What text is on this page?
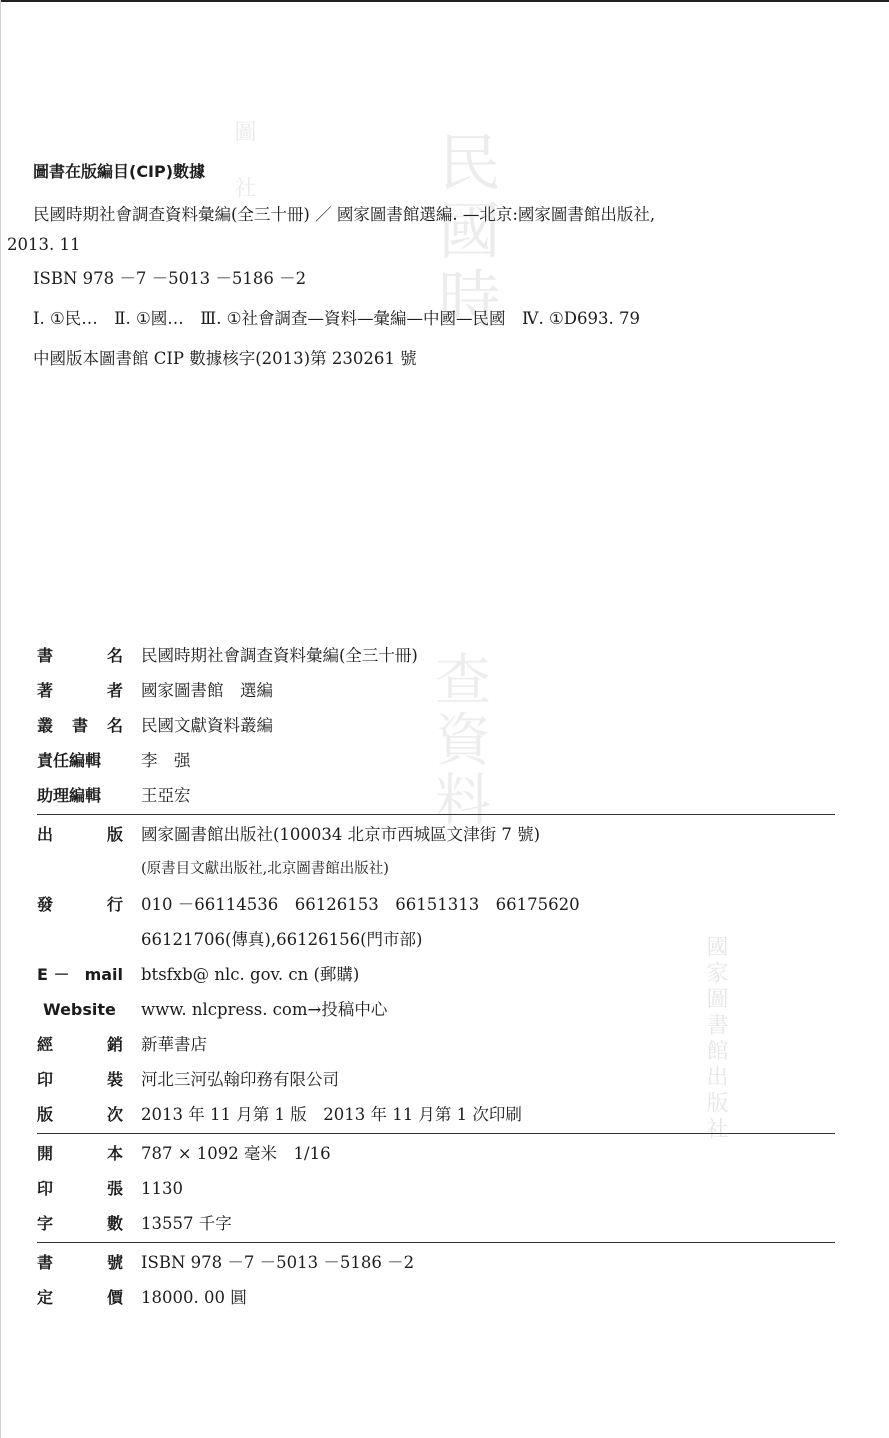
圖　社	民國時
查資料
國家圖書館出版社
圖書在版編目(CIP)數據
民國時期社會調查資料彙編(全三十冊) ／ 國家圖書館選編. —北京:國家圖書館出版社,
2013. 11
ISBN 978 －7 －5013 －5186 －2
Ⅰ. ①民…　Ⅱ. ①國…　Ⅲ. ①社會調查—資料—彙編—中國—民國　Ⅳ. ①D693. 79
中國版本圖書館 CIP 數據核字(2013)第 230261 號
書	名 民國時期社會調查資料彙編(全三十冊)
著	者 國家圖書館　選編
叢 書 名 民國文獻資料叢編
責任編輯 李　强
助理編輯 王亞宏
出	版 國家圖書館出版社(100034 北京市西城區文津街 7 號)
(原書目文獻出版社,北京圖書館出版社)
發	行 010 －66114536　66126153　66151313　66175620
66121706(傳真),66126156(門市部)
E － mail btsfxb@ nlc. gov. cn (郵購)
Website www. nlcpress. com→投稿中心
經	銷 新華書店
印	裝 河北三河弘翰印務有限公司
版	次 2013 年 11 月第 1 版　2013 年 11 月第 1 次印刷
開	本 787 × 1092 毫米　1/16
印	張 1130
字	數 13557 千字
書	號 ISBN 978 －7 －5013 －5186 －2
定	價 18000. 00 圓
